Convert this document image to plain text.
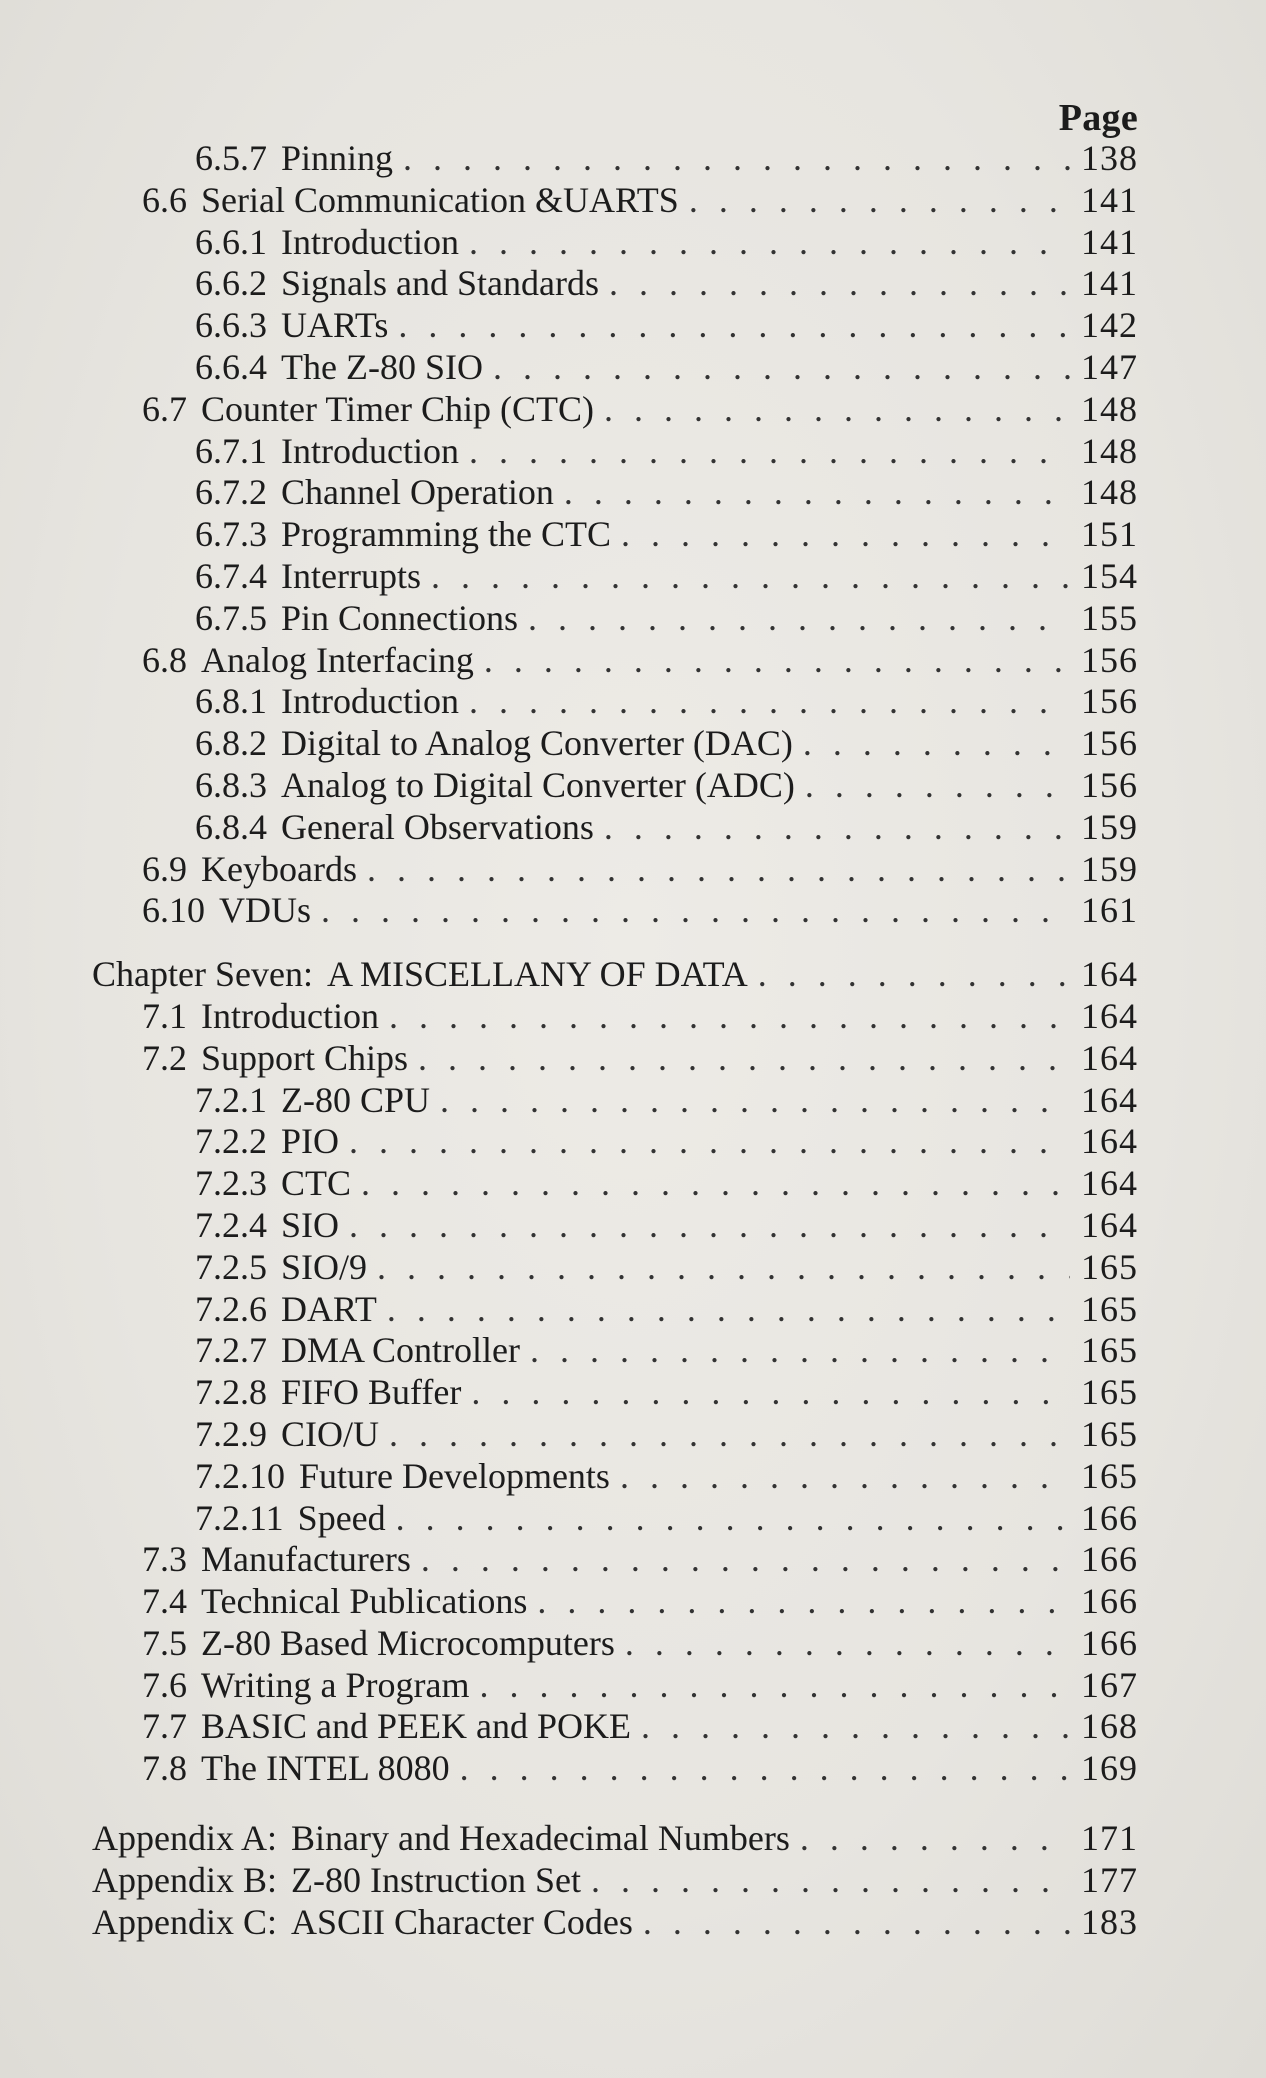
Page
6.5.7 Pinning . . .	138
6.6 Serial Communication &UARTS . . .	141
6.6.1 Introduction . . .	141
6.6.2 Signals and Standards . . .	141
6.6.3 UARTs . . .	142
6.6.4 The Z-80 SIO . . .	147
6.7 Counter Timer Chip (CTC) . . .	148
6.7.1 Introduction . . .	148
6.7.2 Channel Operation . . .	148
6.7.3 Programming the CTC . . .	151
6.7.4 Interrupts . . .	154
6.7.5 Pin Connections . . .	155
6.8 Analog Interfacing . . .	156
6.8.1 Introduction . . .	156
6.8.2 Digital to Analog Converter (DAC) . . .	156
6.8.3 Analog to Digital Converter (ADC) . . .	156
6.8.4 General Observations . . .	159
6.9 Keyboards . . .	159
6.10 VDUs . . .	161
Chapter Seven: A MISCELLANY OF DATA . . .	164
7.1 Introduction . . .	164
7.2 Support Chips . . .	164
7.2.1 Z-80 CPU . . .	164
7.2.2 PIO . . .	164
7.2.3 CTC . . .	164
7.2.4 SIO . . .	164
7.2.5 SIO/9 . . .	165
7.2.6 DART . . .	165
7.2.7 DMA Controller . . .	165
7.2.8 FIFO Buffer . . .	165
7.2.9 CIO/U . . .	165
7.2.10 Future Developments . . .	165
7.2.11 Speed . . .	166
7.3 Manufacturers . . .	166
7.4 Technical Publications . . .	166
7.5 Z-80 Based Microcomputers . . .	166
7.6 Writing a Program . . .	167
7.7 BASIC and PEEK and POKE . . .	168
7.8 The INTEL 8080 . . .	169
Appendix A: Binary and Hexadecimal Numbers . . .	171
Appendix B: Z-80 Instruction Set . . .	177
Appendix C: ASCII Character Codes . . .	183
